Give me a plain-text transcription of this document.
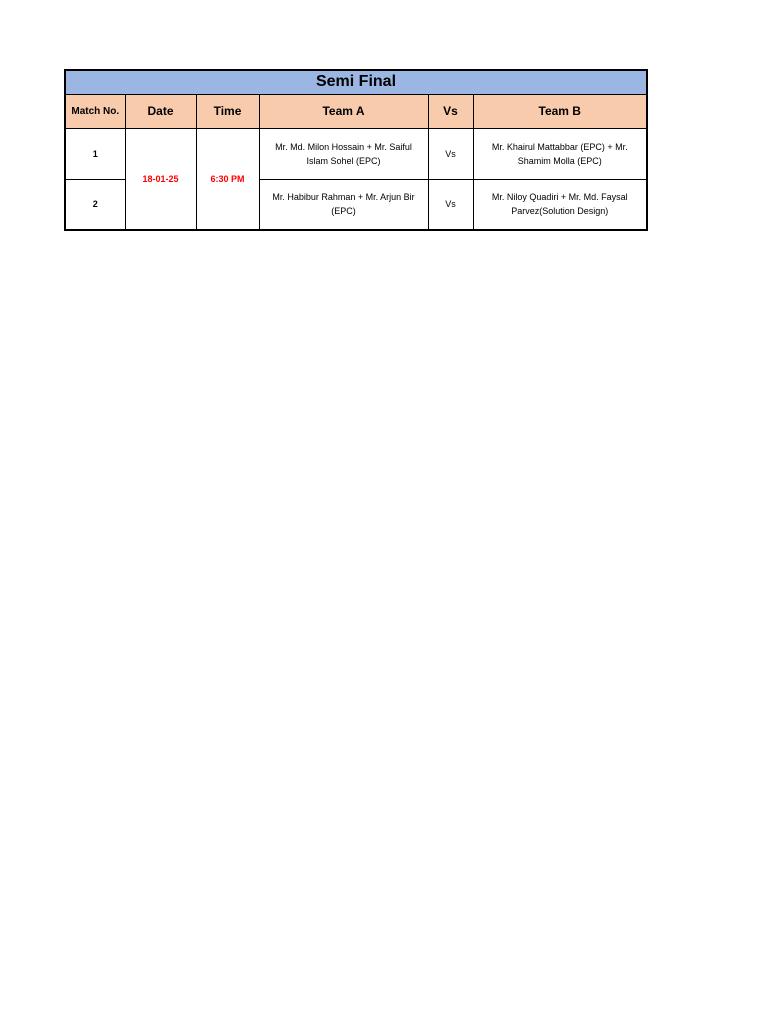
Semi Final					
Match No.	Date	Time	Team A	Vs	Team B
1	18-01-25	6:30 PM	Mr. Md. Milon Hossain + Mr. Saiful Islam Sohel (EPC)	Vs	Mr. Khairul Mattabbar (EPC) + Mr. Shamim Molla (EPC)
2			Mr. Habibur Rahman + Mr. Arjun Bir (EPC)	Vs	Mr. Niloy Quadiri + Mr. Md. Faysal Parvez(Solution Design)
